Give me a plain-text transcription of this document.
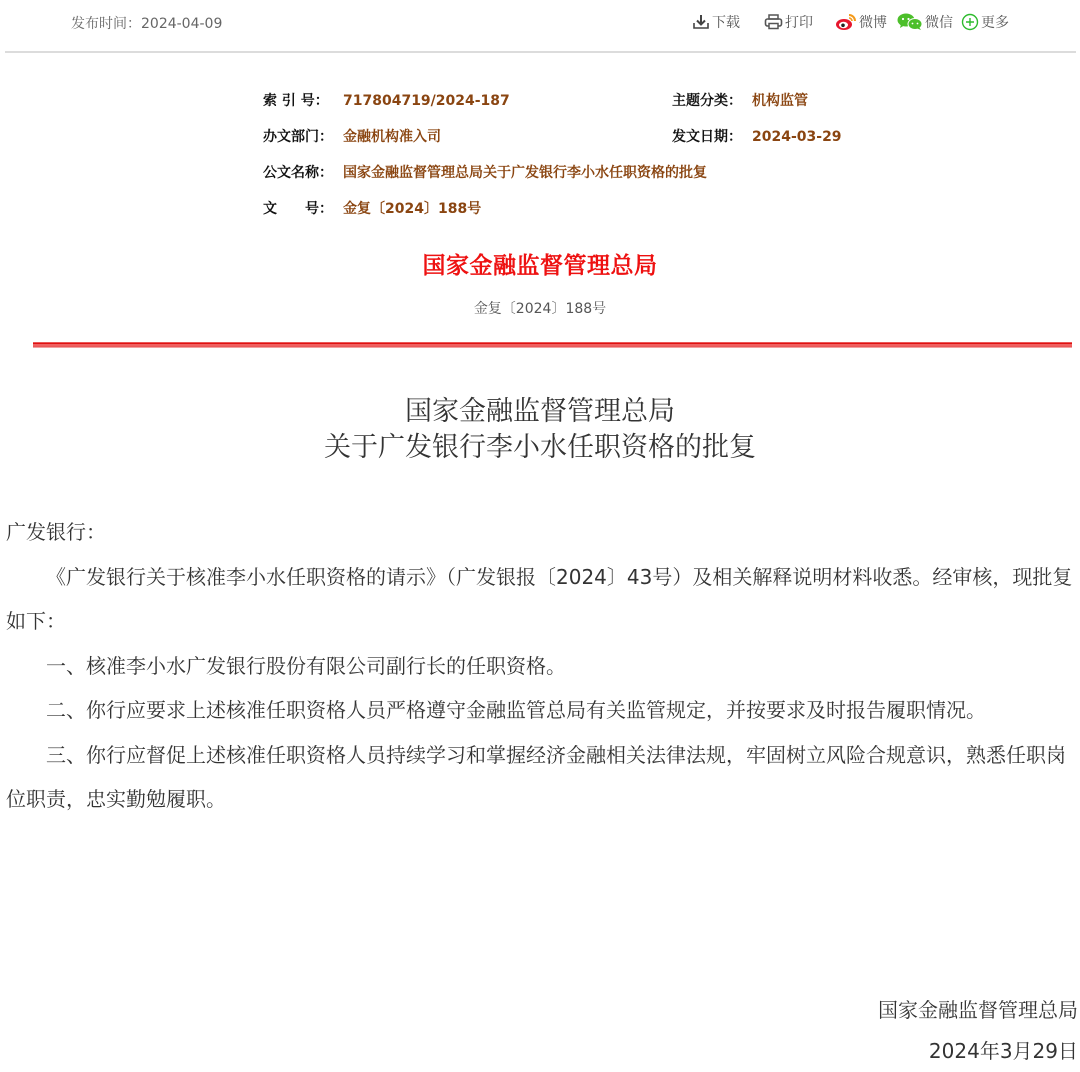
发布时间：2024-04-09	下载	打印	微博	微信 更多
索 引 号： 717804719/2024-187	主题分类： 机构监管
办文部门： 金融机构准入司	发文日期： 2024-03-29
公文名称： 国家金融监督管理总局关于广发银行李小水任职资格的批复
文　　号： 金复〔2024〕188号
国家金融监督管理总局
金复〔2024〕188号
国家金融监督管理总局
关于广发银行李小水任职资格的批复

广发银行：

《广发银行关于核准李小水任职资格的请示》（广发银报〔2024〕43号）及相关解释说明材料收悉。经审核，现批复如下：

一、核准李小水广发银行股份有限公司副行长的任职资格。

二、你行应要求上述核准任职资格人员严格遵守金融监管总局有关监管规定，并按要求及时报告履职情况。

三、你行应督促上述核准任职资格人员持续学习和掌握经济金融相关法律法规，牢固树立风险合规意识，熟悉任职岗位职责，忠实勤勉履职。

国家金融监督管理总局
2024年3月29日
